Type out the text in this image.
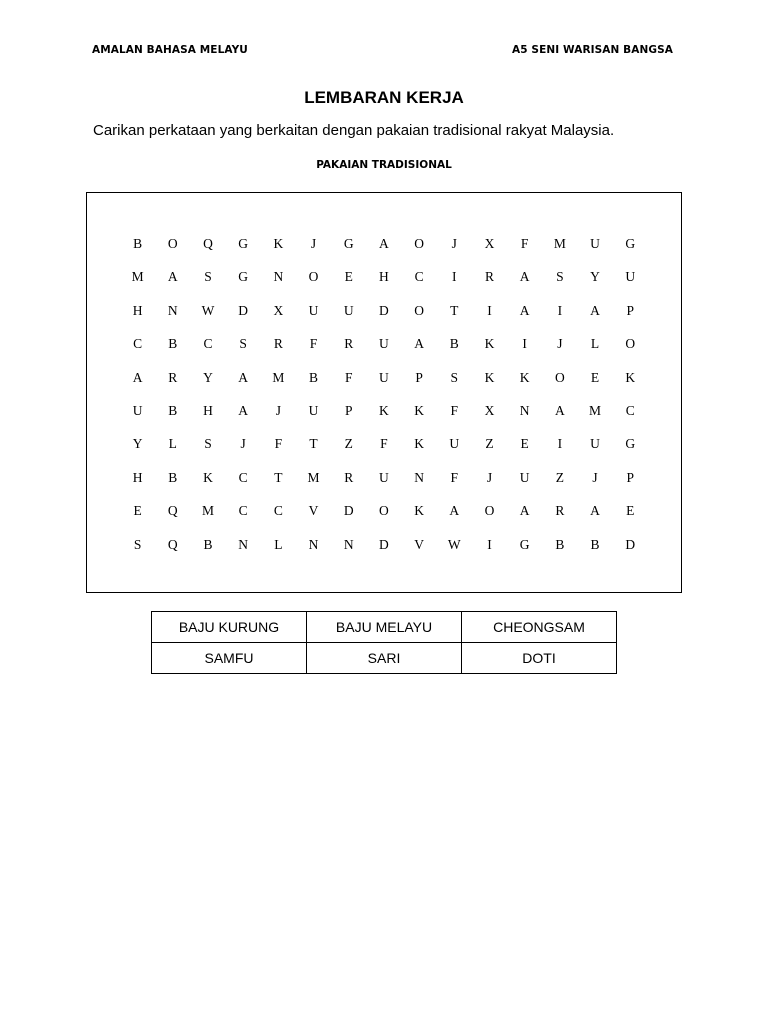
AMALAN BAHASA MELAYU	A5 SENI WARISAN BANGSA
LEMBARAN KERJA
Carikan perkataan yang berkaitan dengan pakaian tradisional rakyat Malaysia.
PAKAIAN TRADISIONAL
B	O	Q	G	K	J	G	A	O	J	X	F	M	U	G
M	A	S	G	N	O	E	H	C	I	R	A	S	Y	U
H	N	W	D	X	U	U	D	O	T	I	A	I	A	P
C	B	C	S	R	F	R	U	A	B	K	I	J	L	O
A	R	Y	A	M	B	F	U	P	S	K	K	O	E	K
U	B	H	A	J	U	P	K	K	F	X	N	A	M	C
Y	L	S	J	F	T	Z	F	K	U	Z	E	I	U	G
H	B	K	C	T	M	R	U	N	F	J	U	Z	J	P
E	Q	M	C	C	V	D	O	K	A	O	A	R	A	E
S	Q	B	N	L	N	N	D	V	W	I	G	B	B	D
BAJU KURUNG	BAJU MELAYU	CHEONGSAM
SAMFU	SARI	DOTI
